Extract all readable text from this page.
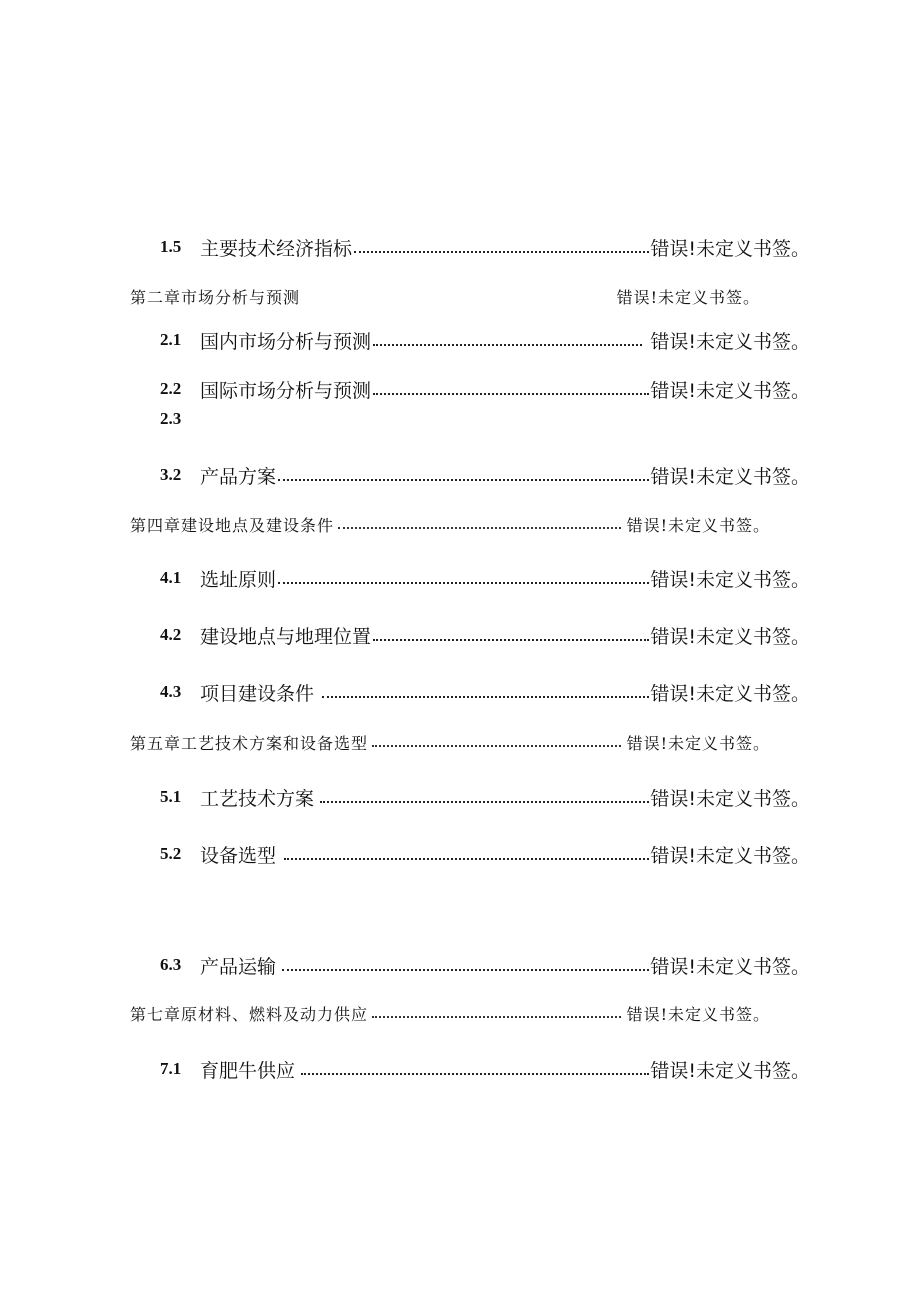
1.5 主要技术经济指标	错误!未定义书签。
第二章市场分析与预测	错误!未定义书签。
2.1 国内市场分析与预测	错误!未定义书签。
2.2 国际市场分析与预测	错误!未定义书签。
2.3
3.2 产品方案	错误!未定义书签。
第四章建设地点及建设条件	错误!未定义书签。
4.1 选址原则	错误!未定义书签。
4.2 建设地点与地理位置	错误!未定义书签。
4.3 项目建设条件	错误!未定义书签。
第五章工艺技术方案和设备选型	错误!未定义书签。
5.1 工艺技术方案	错误!未定义书签。
5.2 设备选型	错误!未定义书签。
6.3 产品运输	错误!未定义书签。
第七章原材料、燃料及动力供应	错误!未定义书签。
7.1 育肥牛供应	错误!未定义书签。
